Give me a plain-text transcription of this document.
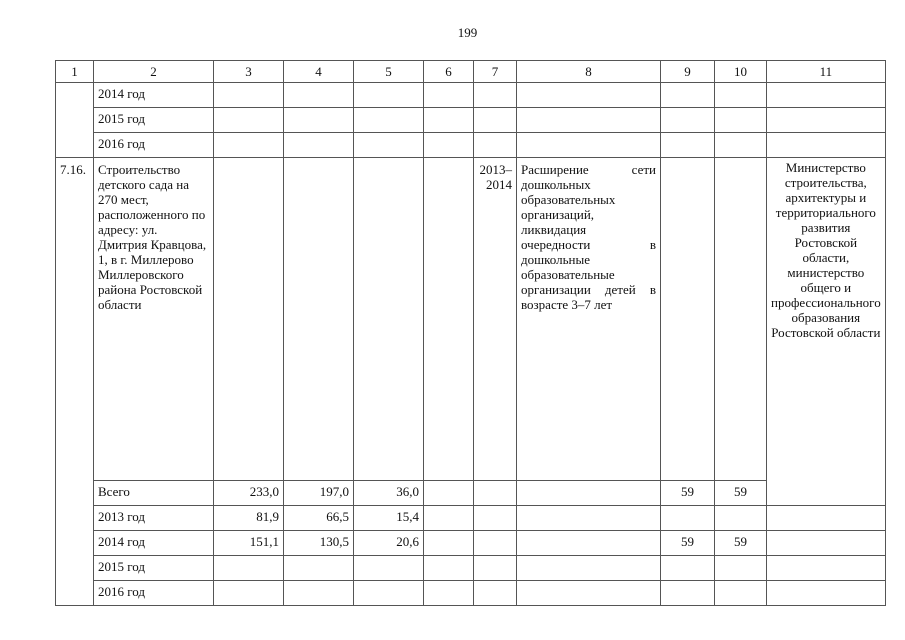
199
1	2	3	4	5	6	7	8	9	10	11
	2014 год									
	2015 год									
	2016 год									
7.16.	Строительство детского сада на 270 мест, расположенного по адресу: ул. Дмитрия Кравцова, 1, в г. Миллерово Миллеровского района Ростовской области					2013–2014	Расширение сети дошкольных образовательных организаций, ликвидация очередности в дошкольные образовательные организации детей в возрасте 3–7 лет			Министерство строительства, архитектуры и территориального развития Ростовской области, министерство общего и профессионального образования Ростовской области
	Всего	233,0	197,0	36,0				59	59	
	2013 год	81,9	66,5	15,4						
	2014 год	151,1	130,5	20,6				59	59	
	2015 год									
	2016 год									
